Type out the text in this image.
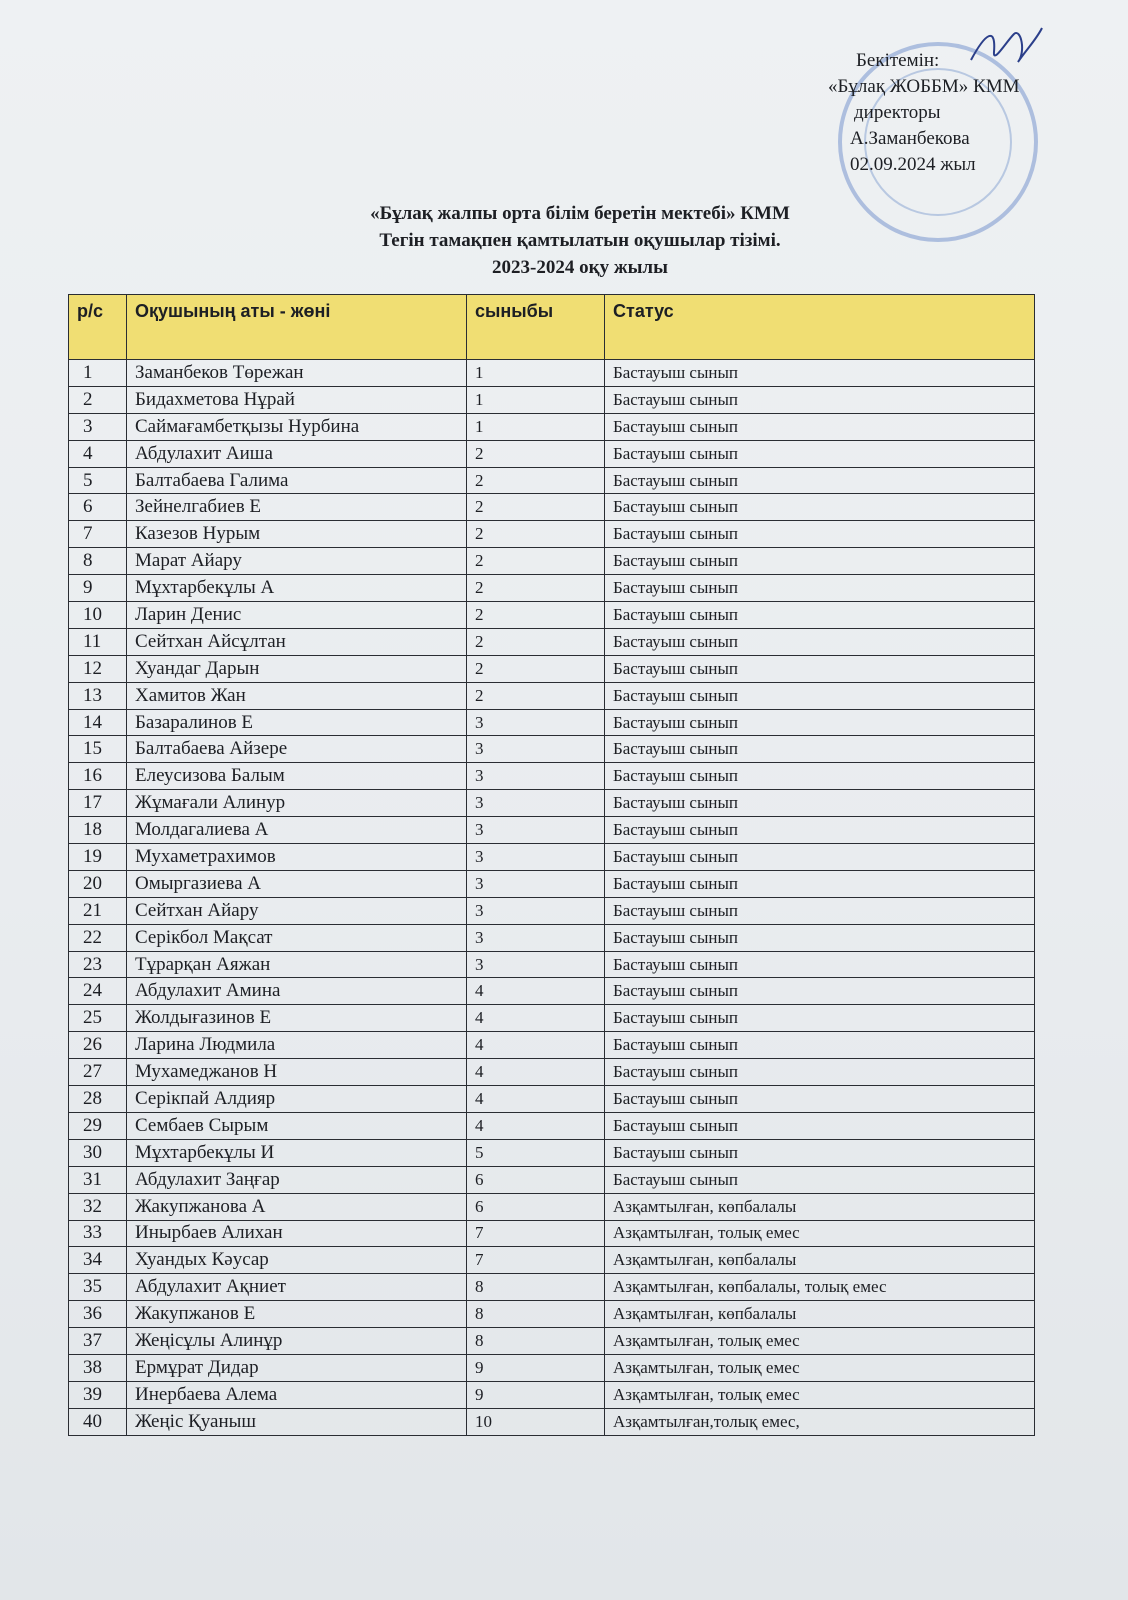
Бекітемін:
«Бұлақ ЖОББМ» КММ
директоры
А.Заманбекова
02.09.2024 жыл
«Бұлақ жалпы орта білім беретін мектебі» КММ
Тегін тамақпен қамтылатын оқушылар тізімі.
2023-2024 оқу жылы
р/с	Оқушының аты - жөні	сыныбы	Статус
1	Заманбеков Төрежан	1	Бастауыш сынып
2	Бидахметова Нұрай	1	Бастауыш сынып
3	Саймағамбетқызы Нурбина	1	Бастауыш сынып
4	Абдулахит Аиша	2	Бастауыш сынып
5	Балтабаева Галима	2	Бастауыш сынып
6	Зейнелгабиев Е	2	Бастауыш сынып
7	Казезов Нурым	2	Бастауыш сынып
8	Марат Айару	2	Бастауыш сынып
9	Мұхтарбекұлы А	2	Бастауыш сынып
10	Ларин Денис	2	Бастауыш сынып
11	Сейтхан Айсұлтан	2	Бастауыш сынып
12	Хуандаг Дарын	2	Бастауыш сынып
13	Хамитов Жан	2	Бастауыш сынып
14	Базаралинов Е	3	Бастауыш сынып
15	Балтабаева Айзере	3	Бастауыш сынып
16	Елеусизова Балым	3	Бастауыш сынып
17	Жұмағали Алинур	3	Бастауыш сынып
18	Молдагалиева А	3	Бастауыш сынып
19	Мухаметрахимов	3	Бастауыш сынып
20	Омыргазиева А	3	Бастауыш сынып
21	Сейтхан Айару	3	Бастауыш сынып
22	Серікбол Мақсат	3	Бастауыш сынып
23	Тұрарқан Аяжан	3	Бастауыш сынып
24	Абдулахит Амина	4	Бастауыш сынып
25	Жолдығазинов Е	4	Бастауыш сынып
26	Ларина Людмила	4	Бастауыш сынып
27	Мухамеджанов Н	4	Бастауыш сынып
28	Серікпай Алдияр	4	Бастауыш сынып
29	Сембаев Сырым	4	Бастауыш сынып
30	Мұхтарбекұлы И	5	Бастауыш сынып
31	Абдулахит Заңғар	6	Бастауыш сынып
32	Жакупжанова А	6	Азқамтылған, көпбалалы
33	Инырбаев Алихан	7	Азқамтылған, толық емес
34	Хуандых Кәусар	7	Азқамтылған, көпбалалы
35	Абдулахит Ақниет	8	Азқамтылған, көпбалалы, толық емес
36	Жакупжанов Е	8	Азқамтылған, көпбалалы
37	Жеңісұлы Алинұр	8	Азқамтылған, толық емес
38	Ермұрат Дидар	9	Азқамтылған, толық емес
39	Инербаева Алема	9	Азқамтылған, толық емес
40	Жеңіс Қуаныш	10	Азқамтылған,толық емес,
